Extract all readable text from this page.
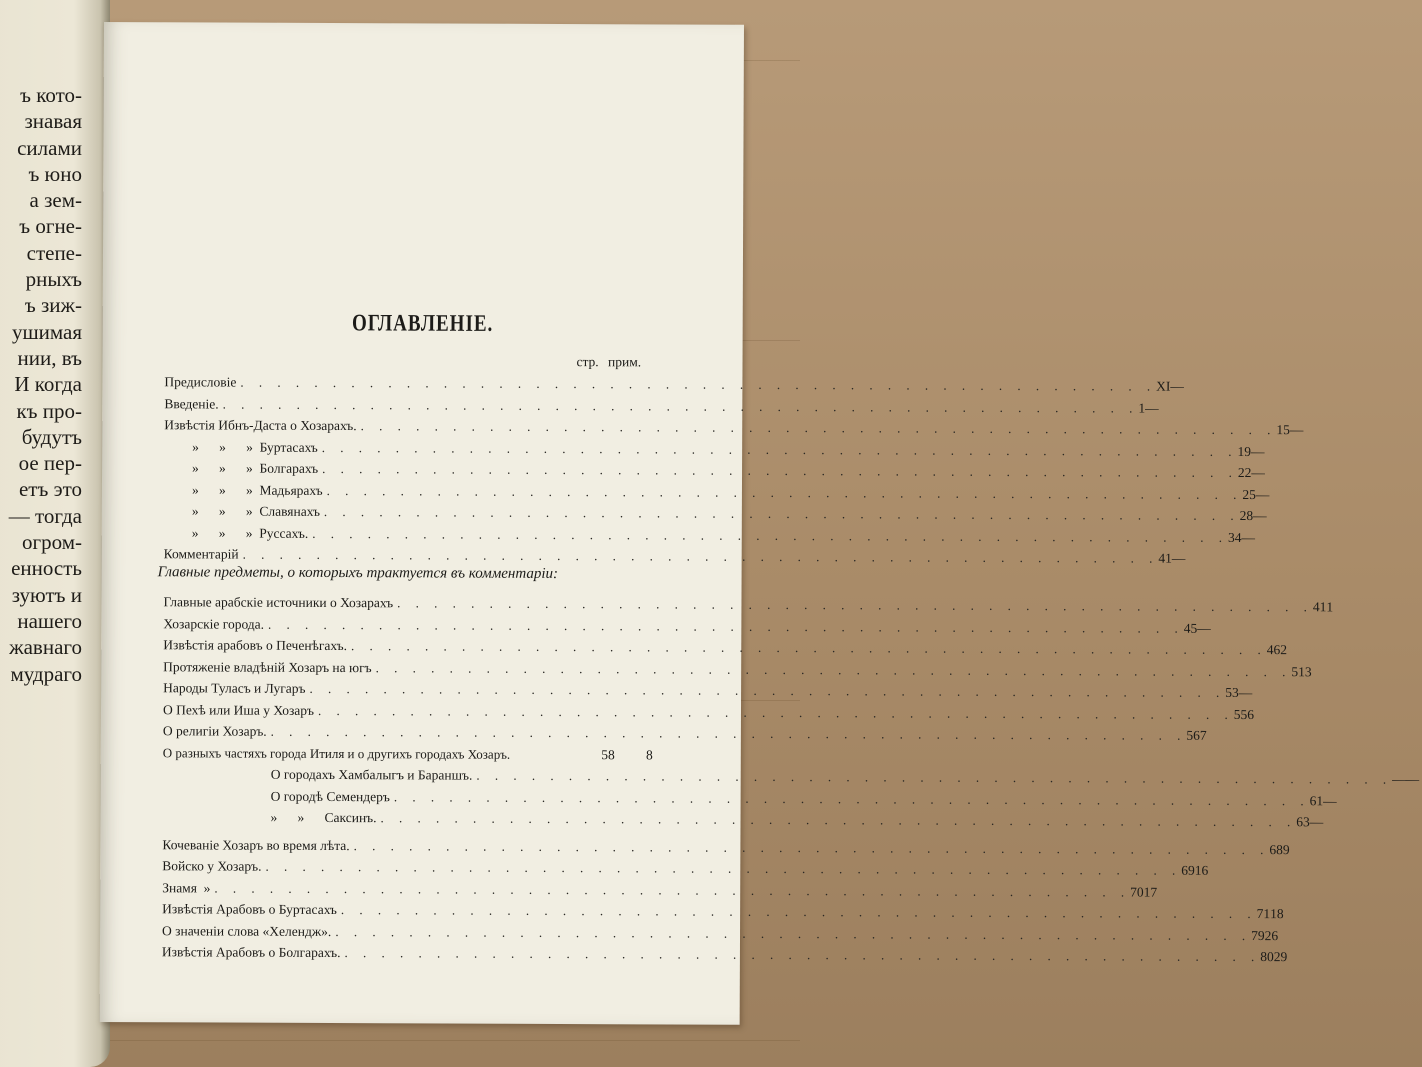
ъ кото-
знавая
силами
ъ юно
а зем-
ъ огне-
степе-
рныхъ
ъ зиж-
ушимая
нии, въ
И когда
къ про-
будутъ
ое пер-
етъ это
— тогда
огром-
енность
зуютъ и
нашего
жавнаго
мудраго
ОГЛАВЛЕНІЕ.
стр. прим.
Предисловіе . . . . . . . . . . . . . . . . . . . . . . . . . . . . . . . . . . . . . . . . . . . . . . . . . . XI —
Введеніе. . . . . . . . . . . . . . . . . . . . . . . . . . . . . . . . . . . . . . . . . . . . . . . . . . . 1 —
Извѣстія Ибнъ-Даста о Хозарахъ. . . . . . . . . . . . . . . . . . . . . . . . . . . . . . . . . . . . . . . . . . . . . . . . . . . 15 —
»      »      »  Буртасахъ . . . . . . . . . . . . . . . . . . . . . . . . . . . . . . . . . . . . . . . . . . . . . . . . . . 19 —
»      »      »  Болгарахъ . . . . . . . . . . . . . . . . . . . . . . . . . . . . . . . . . . . . . . . . . . . . . . . . . . 22 —
»      »      »  Мадьярахъ . . . . . . . . . . . . . . . . . . . . . . . . . . . . . . . . . . . . . . . . . . . . . . . . . . 25 —
»      »      »  Славянахъ . . . . . . . . . . . . . . . . . . . . . . . . . . . . . . . . . . . . . . . . . . . . . . . . . . 28 —
»      »      »  Руссахъ. . . . . . . . . . . . . . . . . . . . . . . . . . . . . . . . . . . . . . . . . . . . . . . . . . . 34 —
Комментарій . . . . . . . . . . . . . . . . . . . . . . . . . . . . . . . . . . . . . . . . . . . . . . . . . . 41 —
Главные предметы, о которыхъ трактуется въ комментаріи:
Главные арабскіе источники о Хозарахъ . . . . . . . . . . . . . . . . . . . . . . . . . . . . . . . . . . . . . . . . . . . . . . . . . . 41 1
Хозарскіе города. . . . . . . . . . . . . . . . . . . . . . . . . . . . . . . . . . . . . . . . . . . . . . . . . . . 45 —
Извѣстія арабовъ о Печенѣгахъ. . . . . . . . . . . . . . . . . . . . . . . . . . . . . . . . . . . . . . . . . . . . . . . . . . . 46 2
Протяженіе владѣній Хозаръ на югъ . . . . . . . . . . . . . . . . . . . . . . . . . . . . . . . . . . . . . . . . . . . . . . . . . . 51 3
Народы Туласъ и Лугаръ . . . . . . . . . . . . . . . . . . . . . . . . . . . . . . . . . . . . . . . . . . . . . . . . . . 53 —
О Пехѣ или Иша у Хозаръ . . . . . . . . . . . . . . . . . . . . . . . . . . . . . . . . . . . . . . . . . . . . . . . . . . 55 6
О религіи Хозаръ. . . . . . . . . . . . . . . . . . . . . . . . . . . . . . . . . . . . . . . . . . . . . . . . . . . 56 7
О разныхъ частяхъ города Итиля и о другихъ городахъ Хозаръ.	58	8
О городахъ Хамбалыгъ и Бараншъ. . . . . . . . . . . . . . . . . . . . . . . . . . . . . . . . . . . . . . . . . . . . . . . . . . . — —
О городѣ Семендеръ . . . . . . . . . . . . . . . . . . . . . . . . . . . . . . . . . . . . . . . . . . . . . . . . . . 61 —
»      »      Саксинъ. . . . . . . . . . . . . . . . . . . . . . . . . . . . . . . . . . . . . . . . . . . . . . . . . . . 63 —
Кочеваніе Хозаръ во время лѣта. . . . . . . . . . . . . . . . . . . . . . . . . . . . . . . . . . . . . . . . . . . . . . . . . . . 68 9
Войско у Хозаръ. . . . . . . . . . . . . . . . . . . . . . . . . . . . . . . . . . . . . . . . . . . . . . . . . . . 69 16
Знамя  » . . . . . . . . . . . . . . . . . . . . . . . . . . . . . . . . . . . . . . . . . . . . . . . . . . 70 17
Извѣстія Арабовъ о Буртасахъ . . . . . . . . . . . . . . . . . . . . . . . . . . . . . . . . . . . . . . . . . . . . . . . . . . 71 18
О значеніи слова «Хелендж». . . . . . . . . . . . . . . . . . . . . . . . . . . . . . . . . . . . . . . . . . . . . . . . . . . 79 26
Извѣстія Арабовъ о Болгарахъ. . . . . . . . . . . . . . . . . . . . . . . . . . . . . . . . . . . . . . . . . . . . . . . . . . . 80 29
